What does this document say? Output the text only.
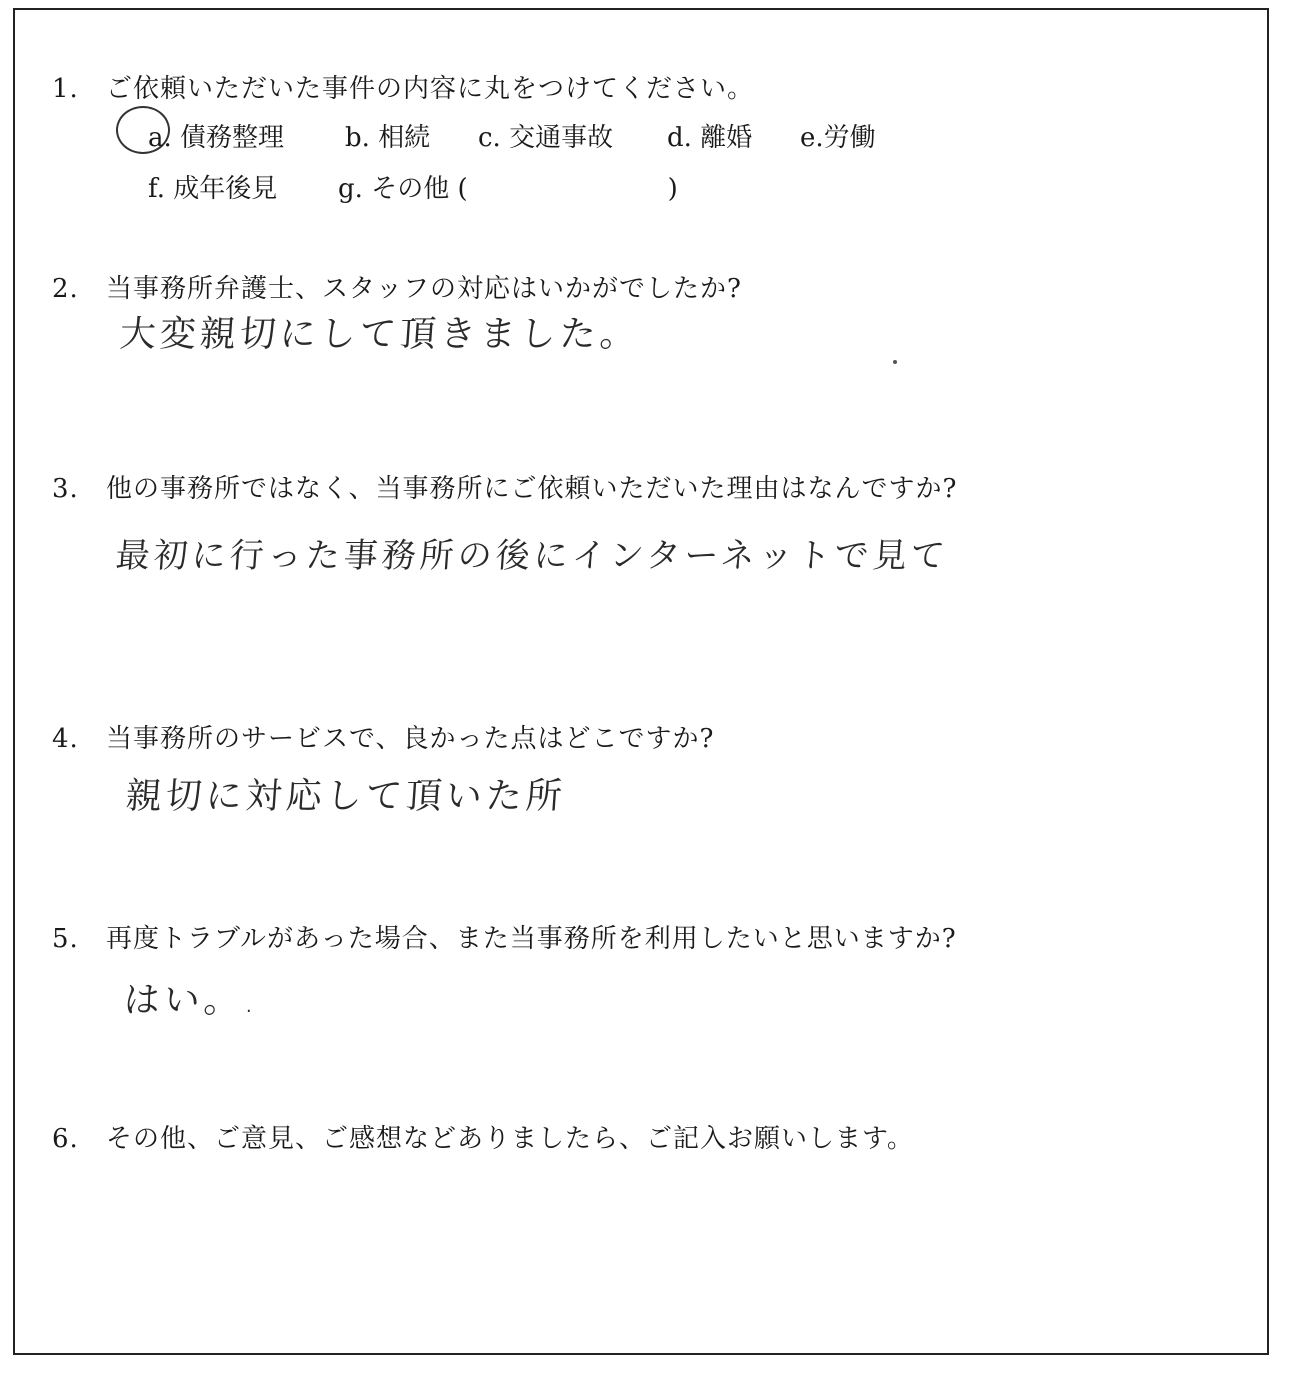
1. ご依頼いただいた事件の内容に丸をつけてください。
a. 債務整理 b. 相続 c. 交通事故 d. 離婚 e.労働
f. 成年後見 g. その他 (	)
2. 当事務所弁護士、スタッフの対応はいかがでしたか?
大変親切にして頂きました。
3. 他の事務所ではなく、当事務所にご依頼いただいた理由はなんですか?
最初に行った事務所の後にインターネットで見て
4. 当事務所のサービスで、良かった点はどこですか?
親切に対応して頂いた所
5. 再度トラブルがあった場合、また当事務所を利用したいと思いますか?
はい。.
6. その他、ご意見、ご感想などありましたら、ご記入お願いします。
